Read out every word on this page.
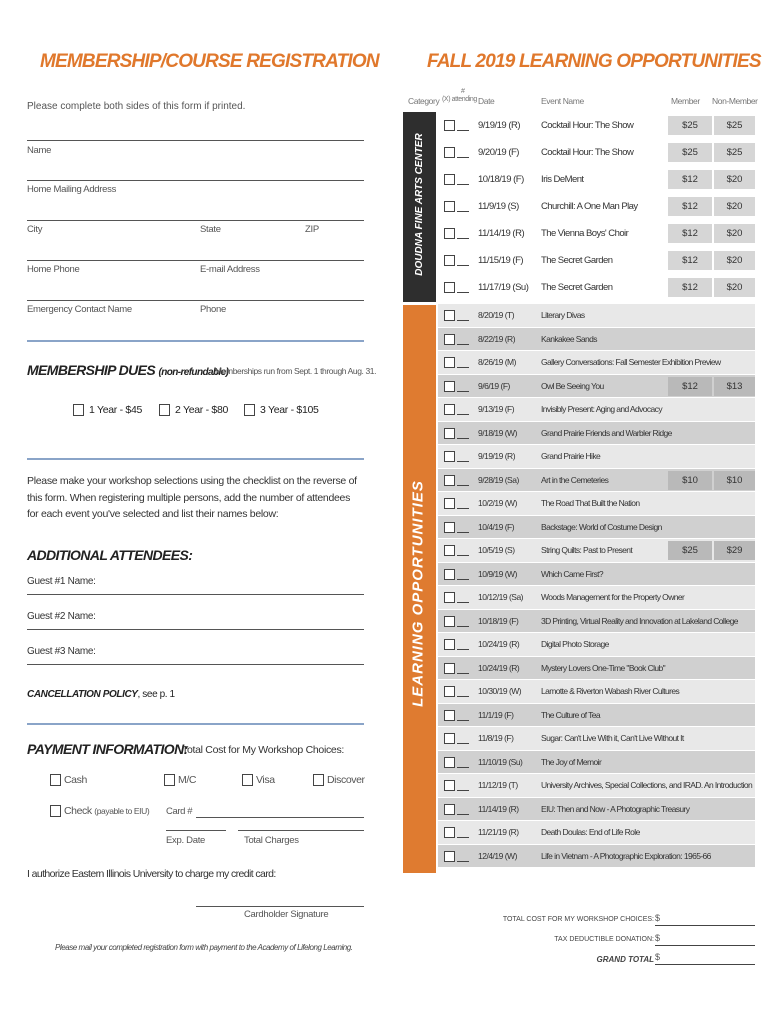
MEMBERSHIP/COURSE REGISTRATION
Please complete both sides of this form if printed.
Name
Home Mailing Address
City	State	ZIP
Home Phone	E-mail Address
Emergency Contact Name	Phone
MEMBERSHIP DUES (non-refundable)
Memberships run from Sept. 1 through Aug. 31.
1 Year - $45	2 Year - $80	3 Year - $105
Please make your workshop selections using the checklist on the reverse of this form. When registering multiple persons, add the number of attendees for each event you've selected and list their names below:
ADDITIONAL ATTENDEES:
Guest #1 Name:
Guest #2 Name:
Guest #3 Name:
CANCELLATION POLICY, see p. 1
PAYMENT INFORMATION:
Total Cost for My Workshop Choices:
Cash	M/C	Visa	Discover
Check (payable to EIU) Card #
Exp. Date	Total Charges
I authorize Eastern Illinois University to charge my credit card:
Cardholder Signature
Please mail your completed registration form with payment to the Academy of Lifelong Learning.
FALL 2019 LEARNING OPPORTUNITIES
Category
#
(X) attending Date	Event Name	Member Non-Member
DOUDNA FINE ARTS CENTER
LEARNING OPPORTUNITIES
9/19/19 (R) Cocktail Hour: The Show	$25	$25
9/20/19 (F) Cocktail Hour: The Show	$25	$25
10/18/19 (F) Iris DeMent	$12	$20
11/9/19 (S) Churchill: A One Man Play	$12	$20
11/14/19 (R) The Vienna Boys' Choir	$12	$20
11/15/19 (F) The Secret Garden	$12	$20
11/17/19 (Su) The Secret Garden	$12	$20
8/20/19 (T)	Literary Divas
8/22/19 (R)	Kankakee Sands
8/26/19 (M)	Gallery Conversations: Fall Semester Exhibition Preview
9/6/19 (F)	Owl Be Seeing You	$12	$13
9/13/19 (F)	Invisibly Present: Aging and Advocacy
9/18/19 (W)	Grand Prairie Friends and Warbler Ridge
9/19/19 (R)	Grand Prairie Hike
9/28/19 (Sa)	Art in the Cemeteries	$10	$10
10/2/19 (W)	The Road That Built the Nation
10/4/19 (F)	Backstage: World of Costume Design
10/5/19 (S)	String Quilts: Past to Present	$25	$29
10/9/19 (W)	Which Came First?
10/12/19 (Sa) Woods Management for the Property Owner
10/18/19 (F)	3D Printing, Virtual Reality and Innovation at Lakeland College
10/24/19 (R)	Digital Photo Storage
10/24/19 (R)	Mystery Lovers One-Time "Book Club"
10/30/19 (W) Lamotte & Riverton Wabash River Cultures
11/1/19 (F)	The Culture of Tea
11/8/19 (F)	Sugar: Can't Live With it, Can't Live Without It
11/10/19 (Su) The Joy of Memoir
11/12/19 (T)	University Archives, Special Collections, and IRAD. An Introduction
11/14/19 (R)	EIU: Then and Now - A Photographic Treasury
11/21/19 (R)	Death Doulas: End of Life Role
12/4/19 (W)	Life in Vietnam - A Photographic Exploration: 1965-66
TOTAL COST FOR MY WORKSHOP CHOICES: $
TAX DEDUCTIBLE DONATION: $
GRAND TOTAL $
